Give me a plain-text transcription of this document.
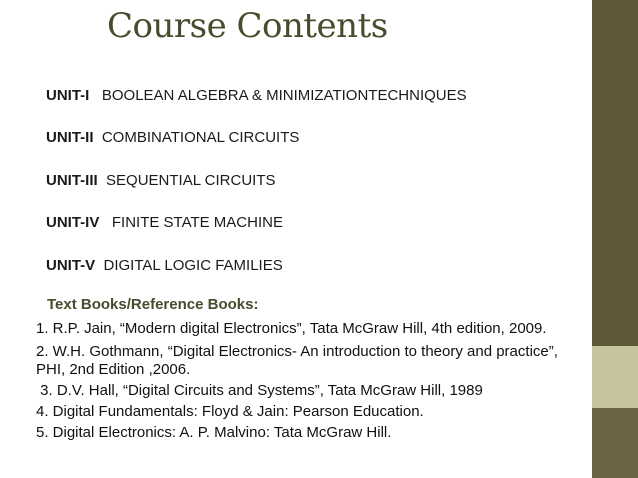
Course Contents
UNIT-I BOOLEAN ALGEBRA & MINIMIZATIONTECHNIQUES
UNIT-II COMBINATIONAL CIRCUITS
UNIT-III SEQUENTIAL CIRCUITS
UNIT-IV FINITE STATE MACHINE
UNIT-V DIGITAL LOGIC FAMILIES
Text Books/Reference Books:
1. R.P. Jain, “Modern digital Electronics”, Tata McGraw Hill, 4th edition, 2009.
2. W.H. Gothmann, “Digital Electronics- An introduction to theory and practice”,
PHI, 2nd Edition ,2006.
3. D.V. Hall, “Digital Circuits and Systems”, Tata McGraw Hill, 1989
4. Digital Fundamentals: Floyd & Jain: Pearson Education.
5. Digital Electronics: A. P. Malvino: Tata McGraw Hill.
